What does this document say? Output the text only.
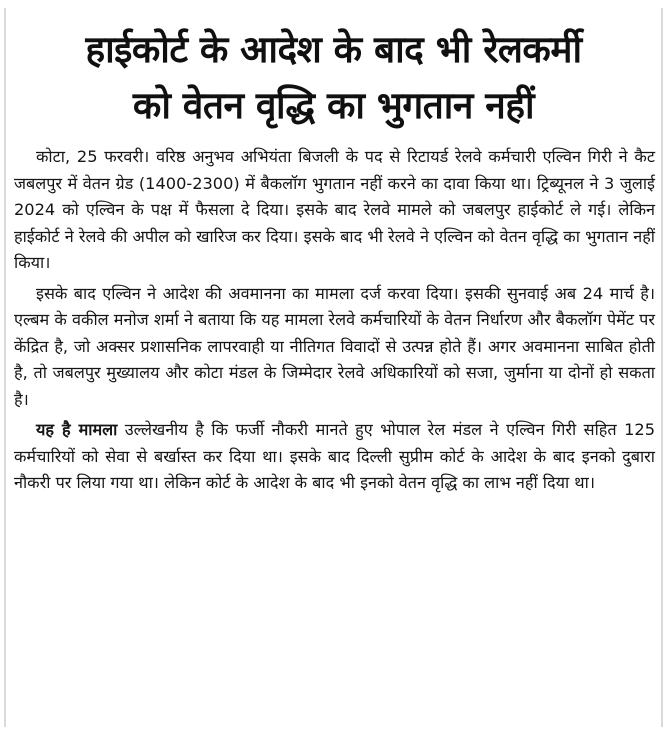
हाईकोर्ट के आदेश के बाद भी रेलकर्मी
को वेतन वृद्धि का भुगतान नहीं

कोटा, 25 फरवरी। वरिष्ठ अनुभव अभियंता बिजली के पद से रिटायर्ड रेलवे कर्मचारी एल्विन गिरी ने कैट जबलपुर में वेतन ग्रेड (1400-2300) में बैकलॉग भुगतान नहीं करने का दावा किया था। ट्रिब्यूनल ने 3 जुलाई 2024 को एल्विन के पक्ष में फैसला दे दिया। इसके बाद रेलवे मामले को जबलपुर हाईकोर्ट ले गई। लेकिन हाईकोर्ट ने रेलवे की अपील को खारिज कर दिया। इसके बाद भी रेलवे ने एल्विन को वेतन वृद्धि का भुगतान नहीं किया।

इसके बाद एल्विन ने आदेश की अवमानना का मामला दर्ज करवा दिया। इसकी सुनवाई अब 24 मार्च है। एल्बम के वकील मनोज शर्मा ने बताया कि यह मामला रेलवे कर्मचारियों के वेतन निर्धारण और बैकलॉग पेमेंट पर केंद्रित है, जो अक्सर प्रशासनिक लापरवाही या नीतिगत विवादों से उत्पन्न होते हैं। अगर अवमानना साबित होती है, तो जबलपुर मुख्यालय और कोटा मंडल के जिम्मेदार रेलवे अधिकारियों को सजा, जुर्माना या दोनों हो सकता है।

यह है मामला उल्लेखनीय है कि फर्जी नौकरी मानते हुए भोपाल रेल मंडल ने एल्विन गिरी सहित 125 कर्मचारियों को सेवा से बर्खास्त कर दिया था। इसके बाद दिल्ली सुप्रीम कोर्ट के आदेश के बाद इनको दुबारा नौकरी पर लिया गया था। लेकिन कोर्ट के आदेश के बाद भी इनको वेतन वृद्धि का लाभ नहीं दिया था।
